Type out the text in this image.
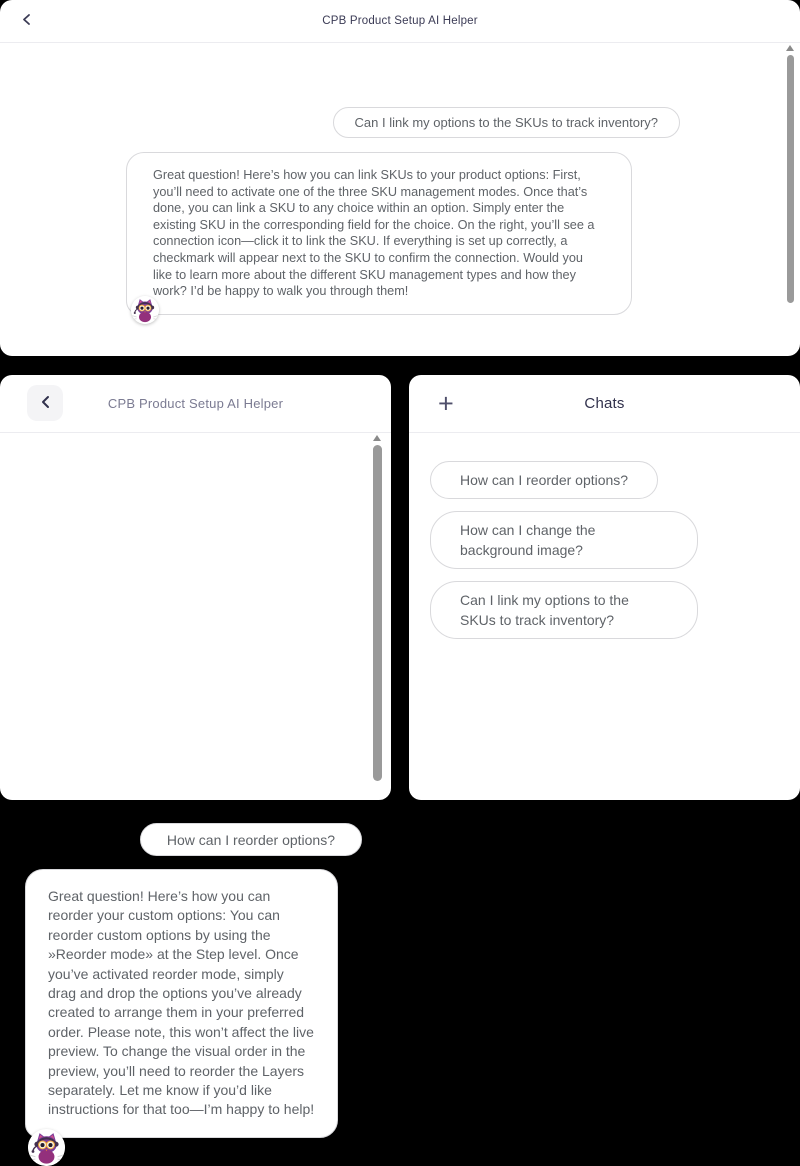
CPB Product Setup AI Helper
Can I link my options to the SKUs to track inventory?
Great question! Here’s how you can link SKUs to your product options: First, you’ll need to activate one of the three SKU management modes. Once that’s done, you can link a SKU to any choice within an option. Simply enter the existing SKU in the corresponding field for the choice. On the right, you’ll see a connection icon—click it to link the SKU. If everything is set up correctly, a checkmark will appear next to the SKU to confirm the connection. Would you like to learn more about the different SKU management types and how they work? I’d be happy to walk you through them!
CPB Product Setup AI Helper
How can I reorder options?
Great question! Here’s how you can reorder your custom options: You can reorder custom options by using the »Reorder mode» at the Step level. Once you’ve activated reorder mode, simply drag and drop the options you’ve already created to arrange them in your preferred order. Please note, this won’t affect the live preview. To change the visual order in the preview, you’ll need to reorder the Layers separately. Let me know if you’d like instructions for that too—I’m happy to help!
+	Chats
How can I reorder options?
How can I change the background image?
Can I link my options to the SKUs to track inventory?
